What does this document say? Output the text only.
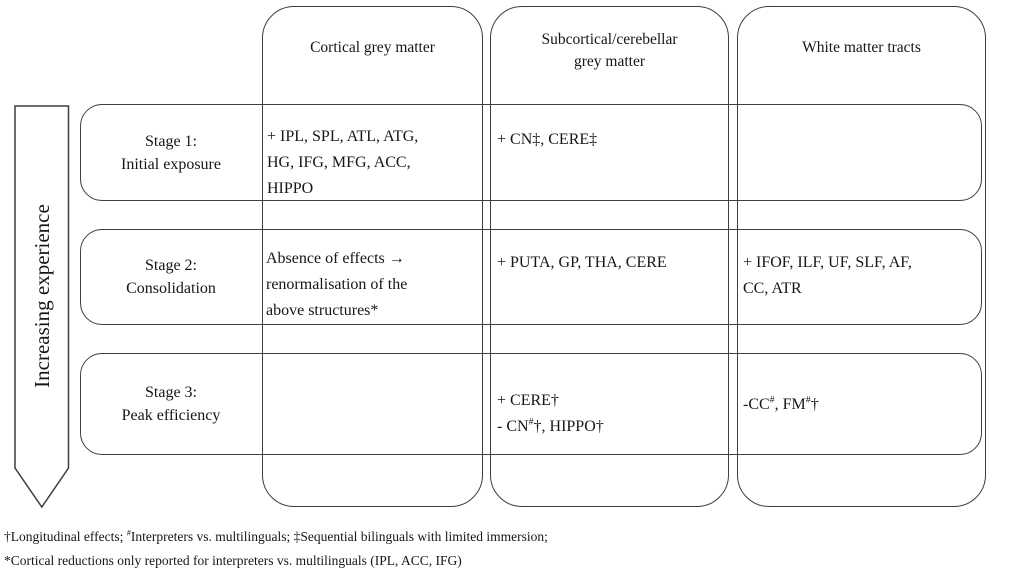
Increasing experience
Cortical grey matter	Subcortical/cerebellar
grey matter
White matter tracts
Stage 1:
Initial exposure
Stage 2:
Consolidation
Stage 3:
Peak efficiency
+ IPL, SPL, ATL, ATG,
HG, IFG, MFG, ACC,
HIPPO
+ CN‡, CERE‡
Absence of effects →
renormalisation of the
above structures*
+ PUTA, GP, THA, CERE	+ IFOF, ILF, UF, SLF, AF,
CC, ATR
+ CERE†
- CN#†, HIPPO†
-CC#, FM#†
†Longitudinal effects; #Interpreters vs. multilinguals; ‡Sequential bilinguals with limited immersion;
*Cortical reductions only reported for interpreters vs. multilinguals (IPL, ACC, IFG)
